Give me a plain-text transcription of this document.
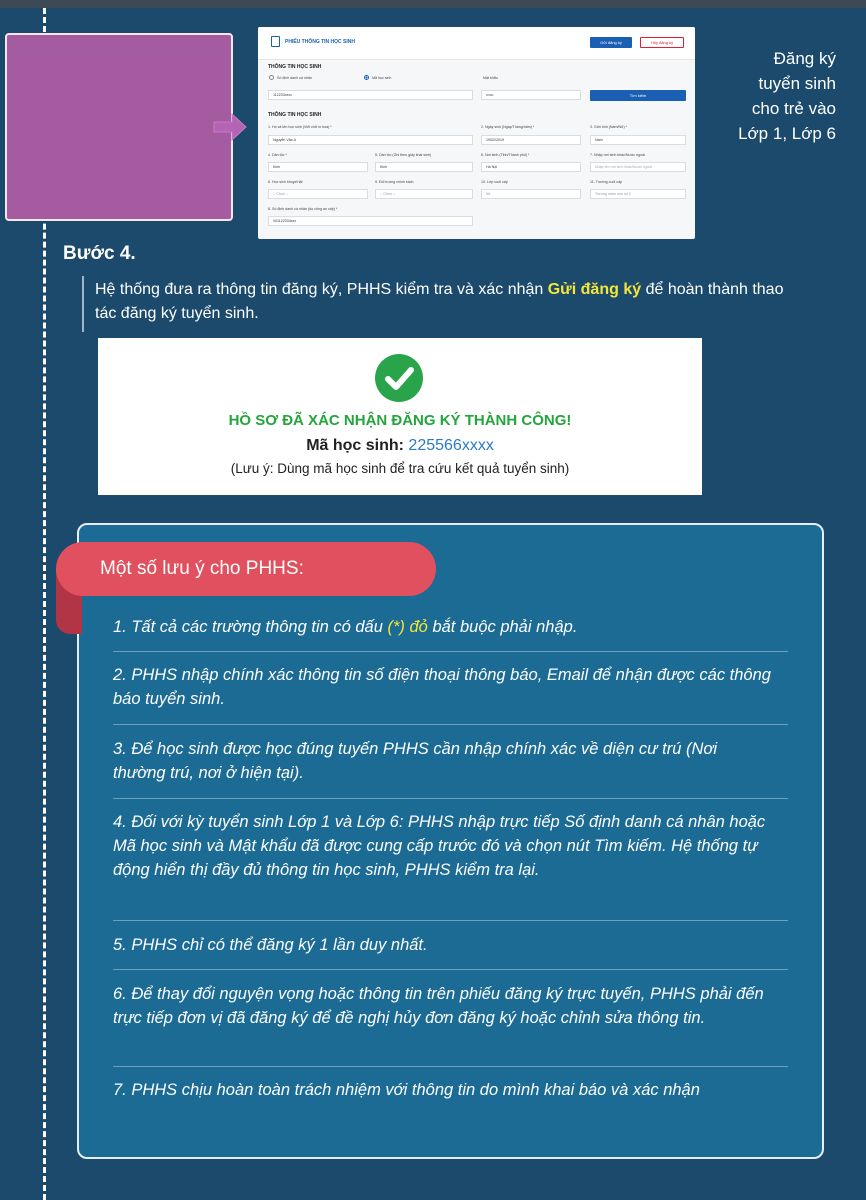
Đăng ký
tuyển sinh
cho trẻ vào
Lớp 1, Lớp 6
PHIẾU THÔNG TIN HỌC SINH	Gửi đăng ký	Hủy đăng ký
THÔNG TIN HỌC SINH
Số định danh cá nhân	Mã học sinh	Mật khẩu
112233xxxx	••••••	Tìm kiếm
THÔNG TIN HỌC SINH
1. Họ và tên học sinh (Viết chữ in hoa) *
Nguyễn Văn A
2. Ngày sinh (Ngày/Tháng/năm) *
19/02/2019
3. Giới tính (Nam/Nữ) *
Nam
4. Dân tộc *
Kinh
5. Dân tộc (Ghi theo giấy khai sinh)
Kinh
6. Nơi sinh (Tỉnh/Thành phố) *
Hà Nội
7. Nhập nơi sinh khác/Nước ngoài
Nhập tên nơi sinh khác/Nước ngoài
8. Học sinh khuyết tật
-- Chọn --
9. Đối tượng chính sách
-- Chọn --
10. Lớp cuối cấp
5A
11. Trường cuối cấp
Trường mầm non số 2
8. Số định danh cá nhân (do công an cấp) *
001122334xxx
Bước 4.
Hệ thống đưa ra thông tin đăng ký, PHHS kiểm tra và xác nhận Gửi đăng ký để hoàn thành thao tác đăng ký tuyển sinh.
HỒ SƠ ĐÃ XÁC NHẬN ĐĂNG KÝ THÀNH CÔNG!
Mã học sinh: 225566xxxx
(Lưu ý: Dùng mã học sinh để tra cứu kết quả tuyển sinh)
Một số lưu ý cho PHHS:
1. Tất cả các trường thông tin có dấu (*) đỏ bắt buộc phải nhập.
2. PHHS nhập chính xác thông tin số điện thoại thông báo, Email để nhận được các thông báo tuyển sinh.
3. Để học sinh được học đúng tuyến PHHS cần nhập chính xác về diện cư trú (Nơi thường trú, nơi ở hiện tại).
4. Đối với kỳ tuyển sinh Lớp 1 và Lớp 6: PHHS nhập trực tiếp Số định danh cá nhân hoặc Mã học sinh và Mật khẩu đã được cung cấp trước đó và chọn nút Tìm kiếm. Hệ thống tự động hiển thị đầy đủ thông tin học sinh, PHHS kiểm tra lại.
5. PHHS chỉ có thể đăng ký 1 lần duy nhất.
6. Để thay đổi nguyện vọng hoặc thông tin trên phiếu đăng ký trực tuyến, PHHS phải đến trực tiếp đơn vị đã đăng ký để đề nghị hủy đơn đăng ký hoặc chỉnh sửa thông tin.
7. PHHS chịu hoàn toàn trách nhiệm với thông tin do mình khai báo và xác nhận
